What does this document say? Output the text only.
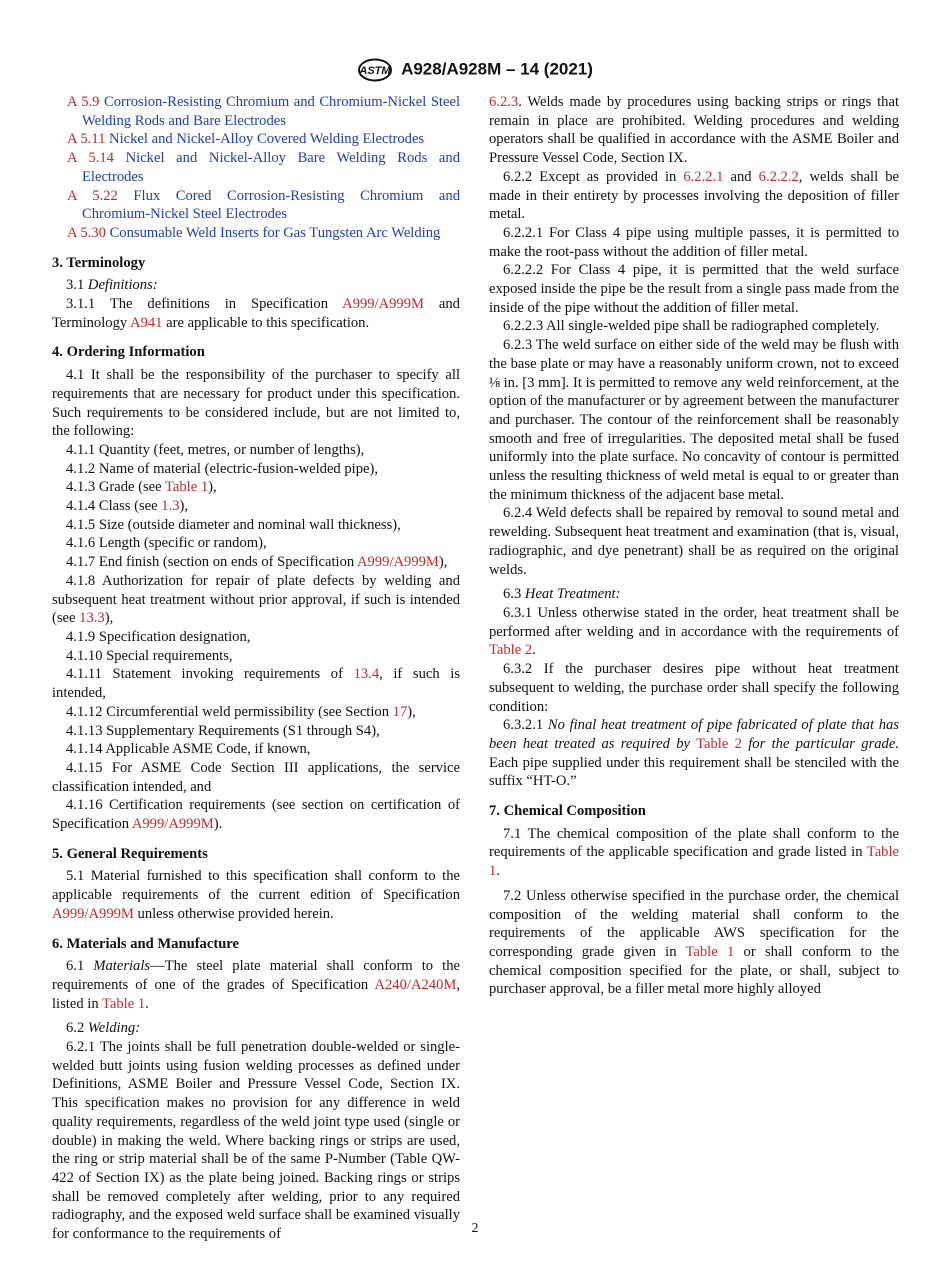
ASTM A928/A928M – 14 (2021)

A 5.9 Corrosion-Resisting Chromium and Chromium-Nickel Steel Welding Rods and Bare Electrodes

A 5.11 Nickel and Nickel-Alloy Covered Welding Electrodes

A 5.14 Nickel and Nickel-Alloy Bare Welding Rods and Electrodes

A 5.22 Flux Cored Corrosion-Resisting Chromium and Chromium-Nickel Steel Electrodes

A 5.30 Consumable Weld Inserts for Gas Tungsten Arc Welding

3. Terminology

3.1 Definitions:

3.1.1 The definitions in Specification A999/A999M and Terminology A941 are applicable to this specification.

4. Ordering Information

4.1 It shall be the responsibility of the purchaser to specify all requirements that are necessary for product under this specification. Such requirements to be considered include, but are not limited to, the following:

4.1.1 Quantity (feet, metres, or number of lengths),

4.1.2 Name of material (electric-fusion-welded pipe),

4.1.3 Grade (see Table 1),

4.1.4 Class (see 1.3),

4.1.5 Size (outside diameter and nominal wall thickness),

4.1.6 Length (specific or random),

4.1.7 End finish (section on ends of Specification A999/A999M),

4.1.8 Authorization for repair of plate defects by welding and subsequent heat treatment without prior approval, if such is intended (see 13.3),

4.1.9 Specification designation,

4.1.10 Special requirements,

4.1.11 Statement invoking requirements of 13.4, if such is intended,

4.1.12 Circumferential weld permissibility (see Section 17),

4.1.13 Supplementary Requirements (S1 through S4),

4.1.14 Applicable ASME Code, if known,

4.1.15 For ASME Code Section III applications, the service classification intended, and

4.1.16 Certification requirements (see section on certification of Specification A999/A999M).

5. General Requirements

5.1 Material furnished to this specification shall conform to the applicable requirements of the current edition of Specification A999/A999M unless otherwise provided herein.

6. Materials and Manufacture

6.1 Materials—The steel plate material shall conform to the requirements of one of the grades of Specification A240/A240M, listed in Table 1.

6.2 Welding:

6.2.1 The joints shall be full penetration double-welded or single-welded butt joints using fusion welding processes as defined under Definitions, ASME Boiler and Pressure Vessel Code, Section IX. This specification makes no provision for any difference in weld quality requirements, regardless of the weld joint type used (single or double) in making the weld. Where backing rings or strips are used, the ring or strip material shall be of the same P-Number (Table QW-422 of Section IX) as the plate being joined. Backing rings or strips shall be removed completely after welding, prior to any required radiography, and the exposed weld surface shall be examined visually for conformance to the requirements of

6.2.3. Welds made by procedures using backing strips or rings that remain in place are prohibited. Welding procedures and welding operators shall be qualified in accordance with the ASME Boiler and Pressure Vessel Code, Section IX.

6.2.2 Except as provided in 6.2.2.1 and 6.2.2.2, welds shall be made in their entirety by processes involving the deposition of filler metal.

6.2.2.1 For Class 4 pipe using multiple passes, it is permitted to make the root-pass without the addition of filler metal.

6.2.2.2 For Class 4 pipe, it is permitted that the weld surface exposed inside the pipe be the result from a single pass made from the inside of the pipe without the addition of filler metal.

6.2.2.3 All single-welded pipe shall be radiographed completely.

6.2.3 The weld surface on either side of the weld may be flush with the base plate or may have a reasonably uniform crown, not to exceed ⅛ in. [3 mm]. It is permitted to remove any weld reinforcement, at the option of the manufacturer or by agreement between the manufacturer and purchaser. The contour of the reinforcement shall be reasonably smooth and free of irregularities. The deposited metal shall be fused uniformly into the plate surface. No concavity of contour is permitted unless the resulting thickness of weld metal is equal to or greater than the minimum thickness of the adjacent base metal.

6.2.4 Weld defects shall be repaired by removal to sound metal and rewelding. Subsequent heat treatment and examination (that is, visual, radiographic, and dye penetrant) shall be as required on the original welds.

6.3 Heat Treatment:

6.3.1 Unless otherwise stated in the order, heat treatment shall be performed after welding and in accordance with the requirements of Table 2.

6.3.2 If the purchaser desires pipe without heat treatment subsequent to welding, the purchase order shall specify the following condition:

6.3.2.1 No final heat treatment of pipe fabricated of plate that has been heat treated as required by Table 2 for the particular grade. Each pipe supplied under this requirement shall be stenciled with the suffix “HT-O.”

7. Chemical Composition

7.1 The chemical composition of the plate shall conform to the requirements of the applicable specification and grade listed in Table 1.

7.2 Unless otherwise specified in the purchase order, the chemical composition of the welding material shall conform to the requirements of the applicable AWS specification for the corresponding grade given in Table 1 or shall conform to the chemical composition specified for the plate, or shall, subject to purchaser approval, be a filler metal more highly alloyed

2
